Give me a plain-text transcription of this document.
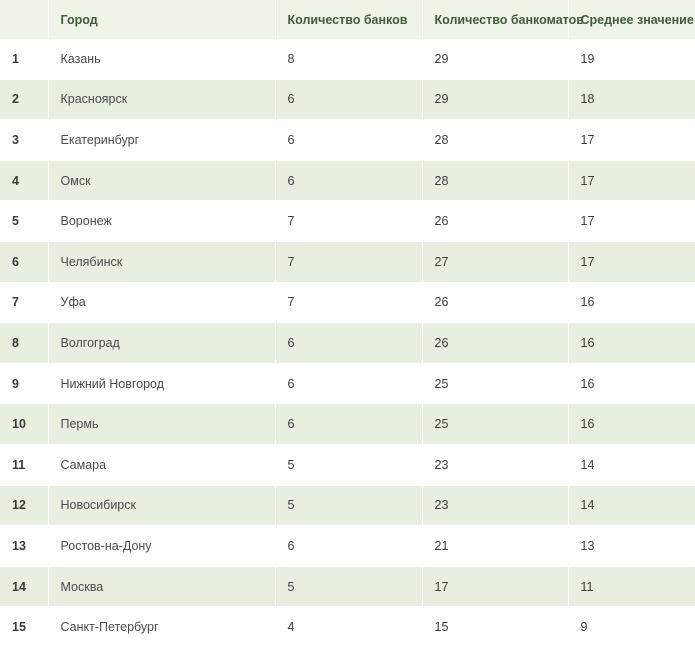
	Город	Количество банков	Количество банкоматов	Среднее значение
1	Казань	8	29	19
2	Красноярск	6	29	18
3	Екатеринбург	6	28	17
4	Омск	6	28	17
5	Воронеж	7	26	17
6	Челябинск	7	27	17
7	Уфа	7	26	16
8	Волгоград	6	26	16
9	Нижний Новгород	6	25	16
10	Пермь	6	25	16
11	Самара	5	23	14
12	Новосибирск	5	23	14
13	Ростов-на-Дону	6	21	13
14	Москва	5	17	11
15	Санкт-Петербург	4	15	9
